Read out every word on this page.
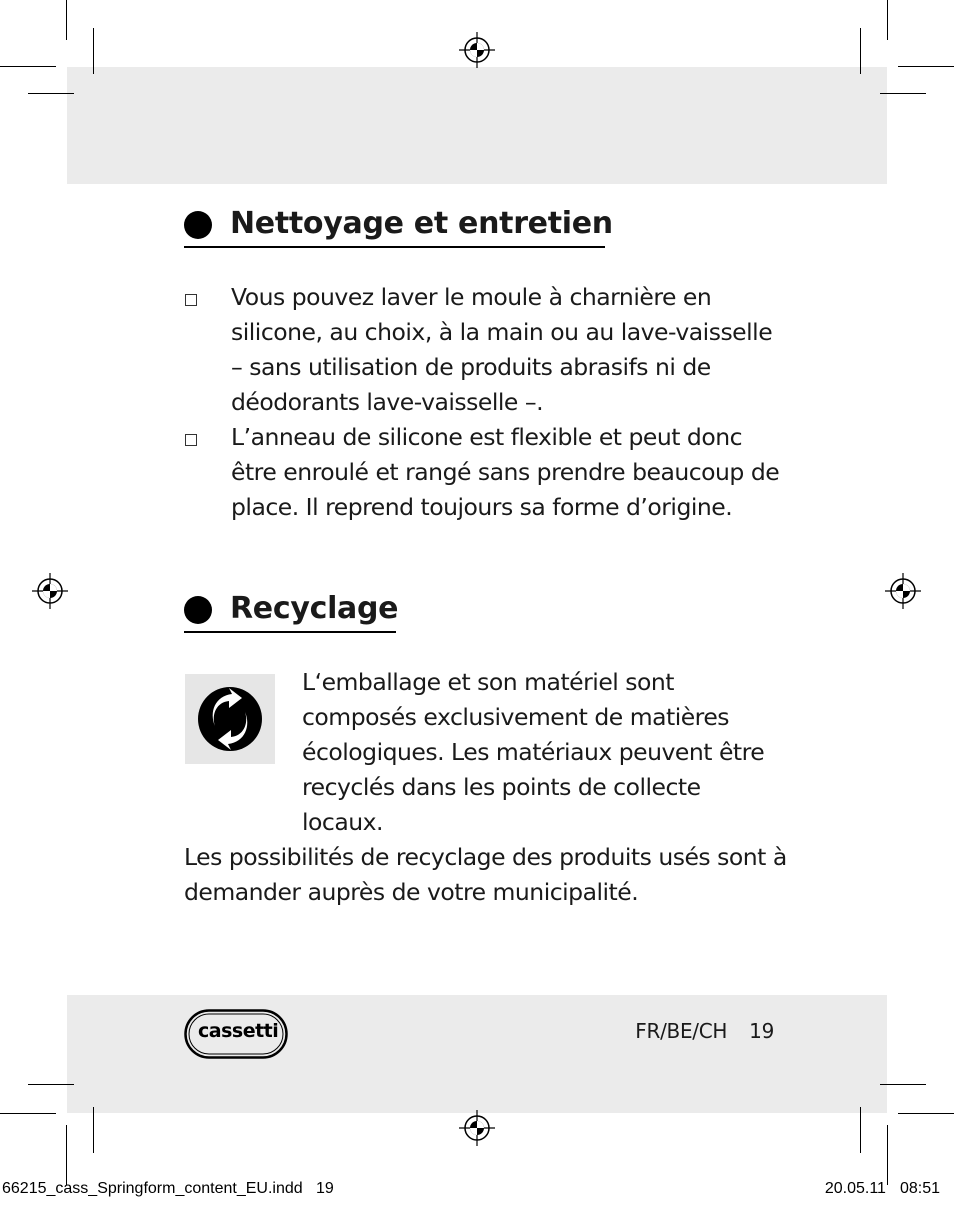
Nettoyage et entretien
Vous pouvez laver le moule à charnière en silicone, au choix, à la main ou au lave-vaisselle – sans utilisation de produits abrasifs ni de déodorants lave-vaisselle –.
L’anneau de silicone est flexible et peut donc être enroulé et rangé sans prendre beaucoup de place. Il reprend toujours sa forme d’origine.
Recyclage

L‘emballage et son matériel sont composés exclusivement de matières écologiques. Les matériaux peuvent être recyclés dans les points de collecte locaux.

Les possibilités de recyclage des produits usés sont à demander auprès de votre municipalité.

cassetti	FR/BE/CH 19
66215_cass_Springform_content_EU.indd 19	20.05.11 08:51
